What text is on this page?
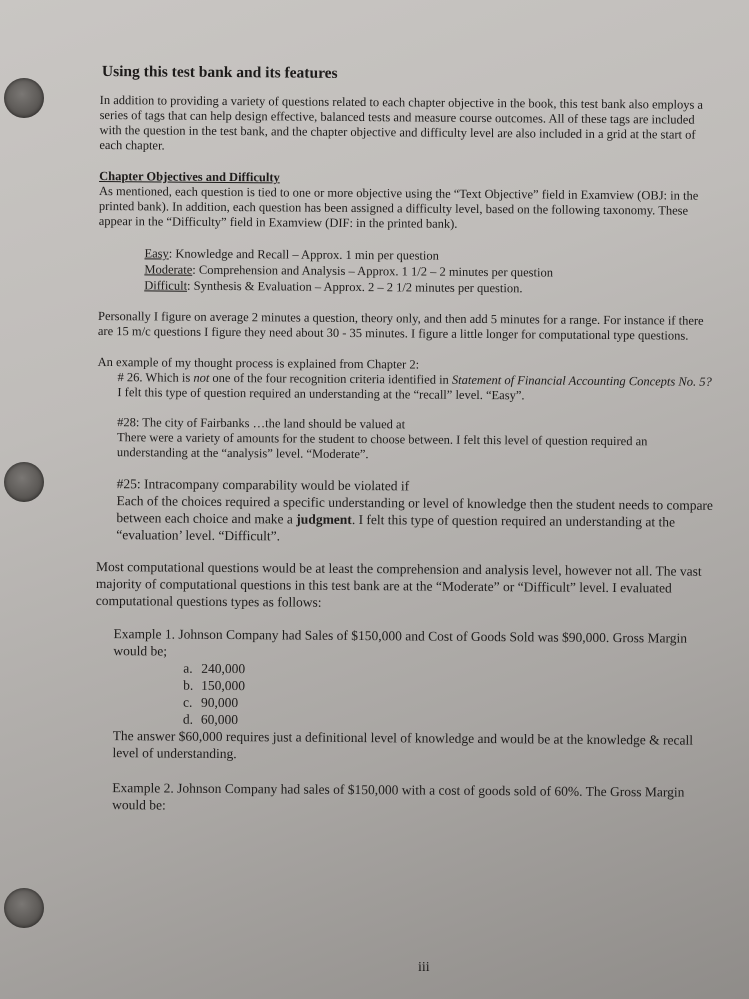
Using this test bank and its features

In addition to providing a variety of questions related to each chapter objective in the book, this test bank also employs a series of tags that can help design effective, balanced tests and measure course outcomes. All of these tags are included with the question in the test bank, and the chapter objective and difficulty level are also included in a grid at the start of each chapter.

Chapter Objectives and Difficulty
As mentioned, each question is tied to one or more objective using the “Text Objective” field in Examview (OBJ: in the printed bank). In addition, each question has been assigned a difficulty level, based on the following taxonomy. These appear in the “Difficulty” field in Examview (DIF: in the printed bank).

Easy: Knowledge and Recall – Approx. 1 min per question
Moderate: Comprehension and Analysis – Approx. 1 1/2 – 2 minutes per question
Difficult: Synthesis & Evaluation – Approx. 2 – 2 1/2 minutes per question.

Personally I figure on average 2 minutes a question, theory only, and then add 5 minutes for a range. For instance if there are 15 m/c questions I figure they need about 30 - 35 minutes. I figure a little longer for computational type questions.

An example of my thought process is explained from Chapter 2:
# 26. Which is not one of the four recognition criteria identified in Statement of Financial Accounting Concepts No. 5?
I felt this type of question required an understanding at the “recall” level. “Easy”.
#28: The city of Fairbanks …the land should be valued at
There were a variety of amounts for the student to choose between. I felt this level of question required an understanding at the “analysis” level. “Moderate”.
#25: Intracompany comparability would be violated if
Each of the choices required a specific understanding or level of knowledge then the student needs to compare between each choice and make a judgment. I felt this type of question required an understanding at the “evaluation’ level. “Difficult”.

Most computational questions would be at least the comprehension and analysis level, however not all. The vast majority of computational questions in this test bank are at the “Moderate” or “Difficult” level. I evaluated computational questions types as follows:

Example 1. Johnson Company had Sales of $150,000 and Cost of Goods Sold was $90,000. Gross Margin would be;
a. 240,000
b. 150,000
c. 90,000
d. 60,000
The answer $60,000 requires just a definitional level of knowledge and would be at the knowledge & recall level of understanding.
Example 2. Johnson Company had sales of $150,000 with a cost of goods sold of 60%. The Gross Margin would be:
iii
